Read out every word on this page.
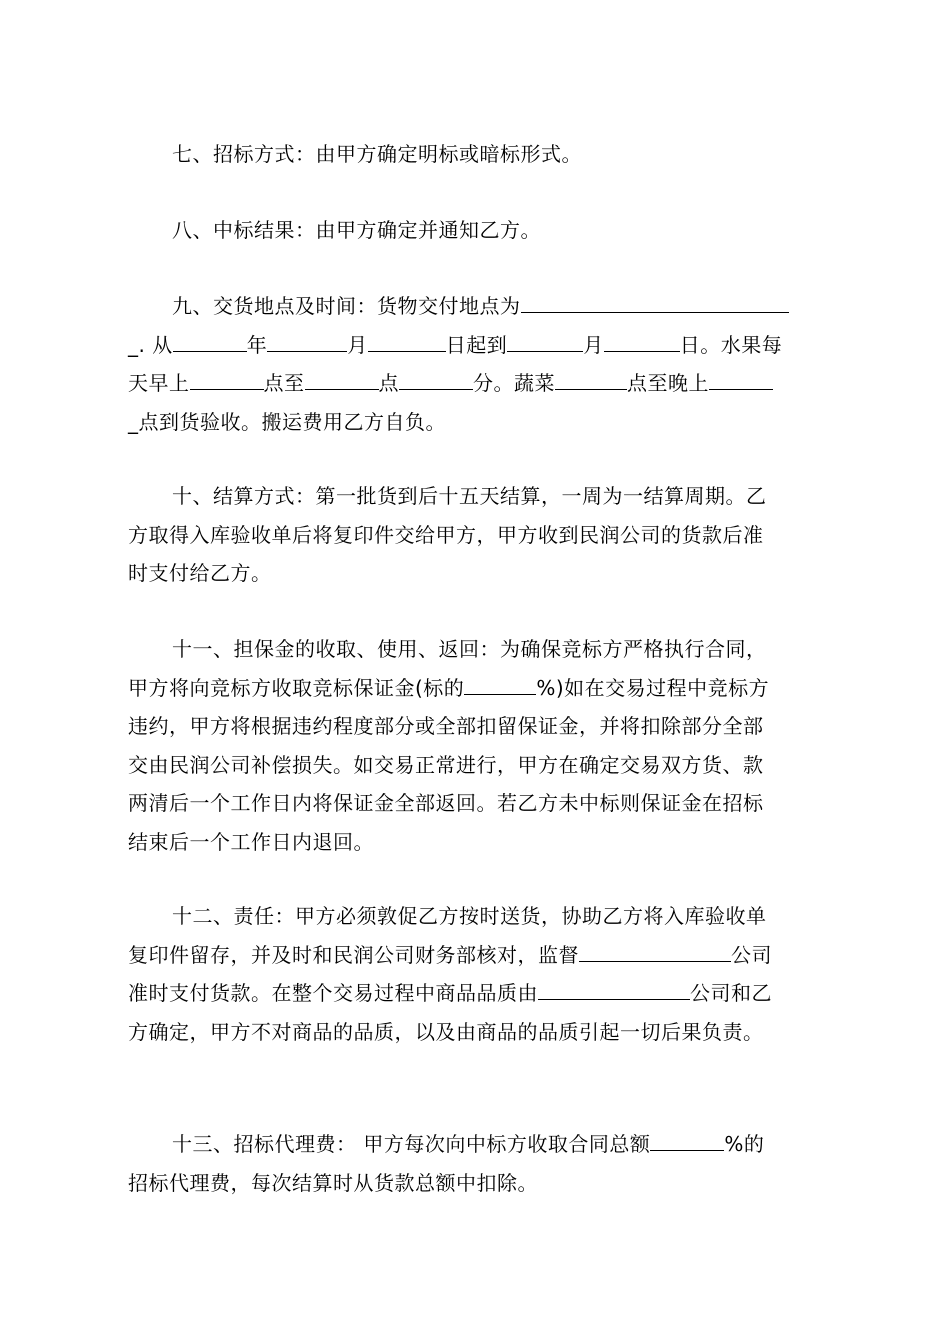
七、招标方式：由甲方确定明标或暗标形式。
八、中标结果：由甲方确定并通知乙方。
九、交货地点及时间：货物交付地点为
_. 从	年	月	日起到	月	日。水果每
天早上	点至	点	分。蔬菜	点至晚上
_点到货验收。搬运费用乙方自负。
十、结算方式：第一批货到后十五天结算，一周为一结算周期。乙
方取得入库验收单后将复印件交给甲方，甲方收到民润公司的货款后准
时支付给乙方。
十一、担保金的收取、使用、返回：为确保竞标方严格执行合同，
甲方将向竞标方收取竞标保证金(标的	%)如在交易过程中竞标方
违约，甲方将根据违约程度部分或全部扣留保证金，并将扣除部分全部
交由民润公司补偿损失。如交易正常进行，甲方在确定交易双方货、款
两清后一个工作日内将保证金全部返回。若乙方未中标则保证金在招标
结束后一个工作日内退回。
十二、责任：甲方必须敦促乙方按时送货，协助乙方将入库验收单
复印件留存，并及时和民润公司财务部核对，监督	公司
准时支付货款。在整个交易过程中商品品质由	公司和乙
方确定，甲方不对商品的品质，以及由商品的品质引起一切后果负责。
十三、招标代理费： 甲方每次向中标方收取合同总额	%的
招标代理费，每次结算时从货款总额中扣除。
